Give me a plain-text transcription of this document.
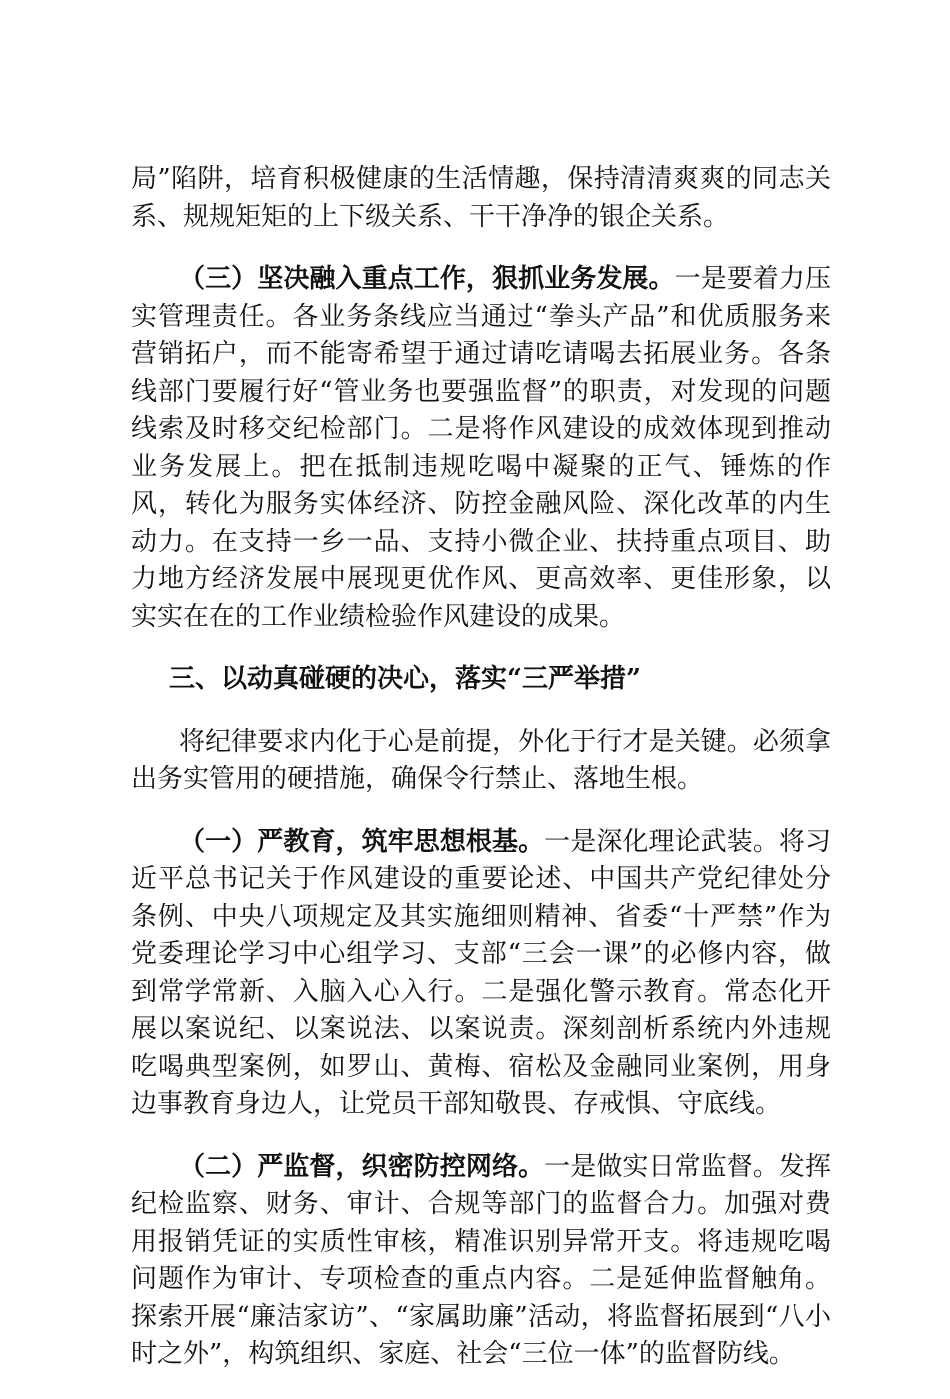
局”陷阱，培育积极健康的生活情趣，保持清清爽爽的同志关系、规规矩矩的上下级关系、干干净净的银企关系。

（三）坚决融入重点工作，狠抓业务发展。一是要着力压实管理责任。各业务条线应当通过“拳头产品”和优质服务来营销拓户，而不能寄希望于通过请吃请喝去拓展业务。各条线部门要履行好“管业务也要强监督”的职责，对发现的问题线索及时移交纪检部门。二是将作风建设的成效体现到推动业务发展上。把在抵制违规吃喝中凝聚的正气、锤炼的作风，转化为服务实体经济、防控金融风险、深化改革的内生动力。在支持一乡一品、支持小微企业、扶持重点项目、助力地方经济发展中展现更优作风、更高效率、更佳形象，以实实在在的工作业绩检验作风建设的成果。

三、以动真碰硬的决心，落实“三严举措”

将纪律要求内化于心是前提，外化于行才是关键。必须拿出务实管用的硬措施，确保令行禁止、落地生根。

（一）严教育，筑牢思想根基。一是深化理论武装。将习近平总书记关于作风建设的重要论述、中国共产党纪律处分条例、中央八项规定及其实施细则精神、省委“十严禁”作为党委理论学习中心组学习、支部“三会一课”的必修内容，做到常学常新、入脑入心入行。二是强化警示教育。常态化开展以案说纪、以案说法、以案说责。深刻剖析系统内外违规吃喝典型案例，如罗山、黄梅、宿松及金融同业案例，用身边事教育身边人，让党员干部知敬畏、存戒惧、守底线。

（二）严监督，织密防控网络。一是做实日常监督。发挥纪检监察、财务、审计、合规等部门的监督合力。加强对费用报销凭证的实质性审核，精准识别异常开支。将违规吃喝问题作为审计、专项检查的重点内容。二是延伸监督触角。探索开展“廉洁家访”、“家属助廉”活动，将监督拓展到“八小时之外”，构筑组织、家庭、社会“三位一体”的监督防线。
